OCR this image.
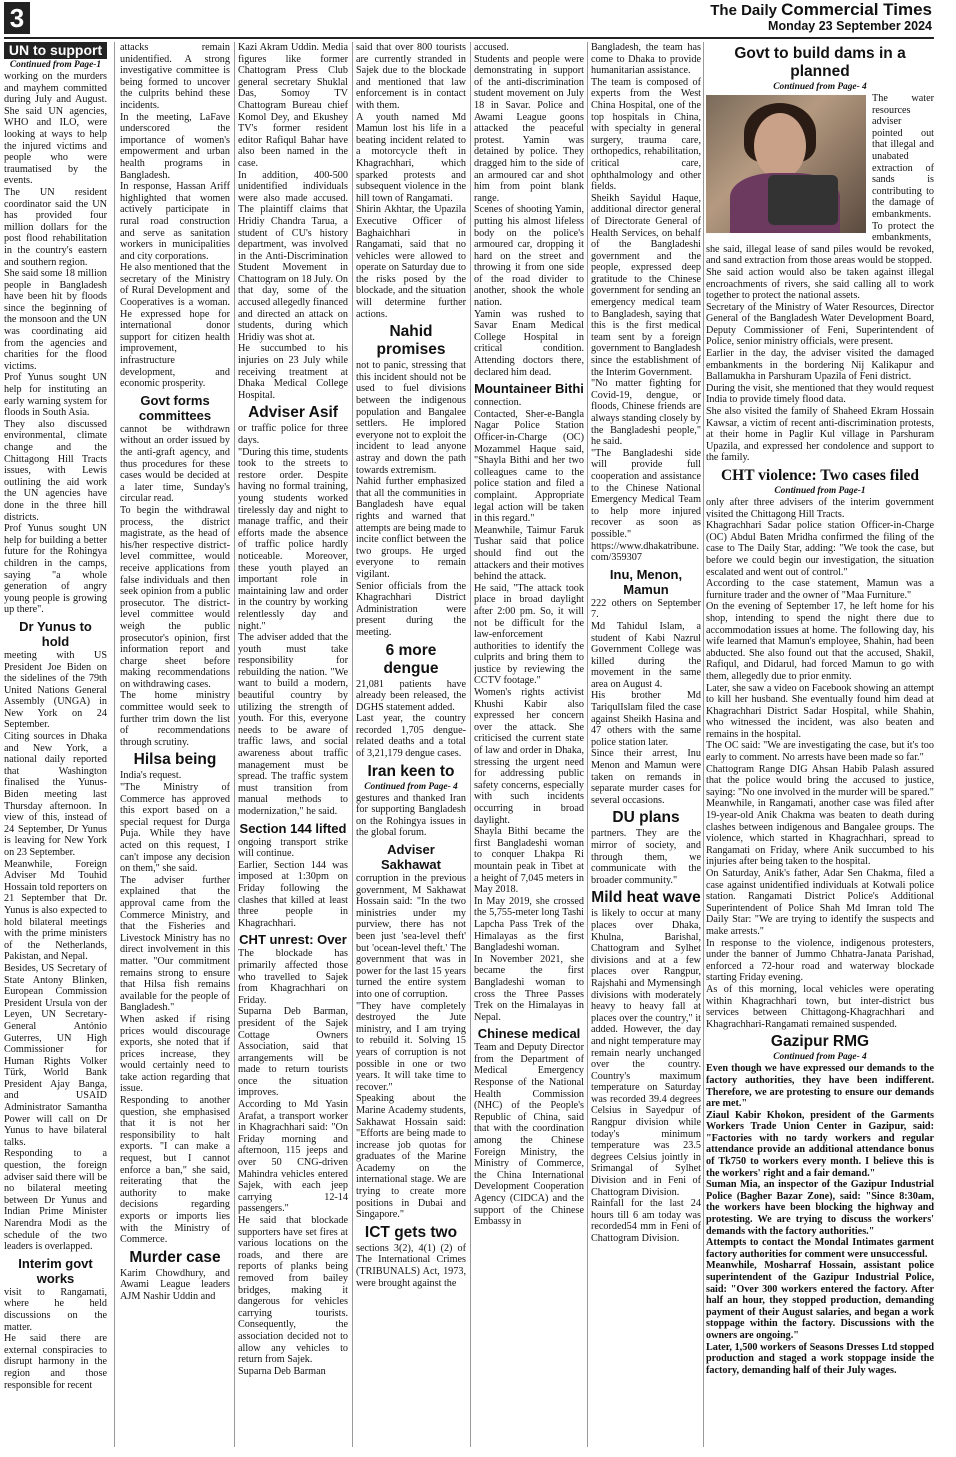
3	The Daily Commercial Times
Monday 23 September 2024
UN to support
Continued from Page-1

working on the murders and mayhem committed during July and August. She said UN agencies, WHO and ILO, were looking at ways to help the injured victims and people who were traumatised by the events.

The UN resident coordinator said the UN has provided four million dollars for the post flood rehabilitation in the country's eastern and southern region.

She said some 18 million people in Bangladesh have been hit by floods since the beginning of the monsoon and the UN was coordinating aid from the agencies and charities for the flood victims.

Prof Yunus sought UN help for instituting an early warning system for floods in South Asia.

They also discussed environmental, climate change and the Chittagong Hill Tracts issues, with Lewis outlining the aid work the UN agencies have done in the three hill districts.

Prof Yunus sought UN help for building a better future for the Rohingya children in the camps, saying "a whole generation of angry young people is growing up there".

Dr Yunus to hold

meeting with US President Joe Biden on the sidelines of the 79th United Nations General Assembly (UNGA) in New York on 24 September.

Citing sources in Dhaka and New York, a national daily reported that Washington finalised the Yunus-Biden meeting last Thursday afternoon. In view of this, instead of 24 September, Dr Yunus is leaving for New York on 23 September.

Meanwhile, Foreign Adviser Md Touhid Hossain told reporters on 21 September that Dr. Yunus is also expected to hold bilateral meetings with the prime ministers of the Netherlands, Pakistan, and Nepal.

Besides, US Secretary of State Antony Blinken, European Commission President Ursula von der Leyen, UN Secretary-General António Guterres, UN High Commissioner for Human Rights Volker Türk, World Bank President Ajay Banga, and USAID Administrator Samantha Power will call on Dr Yunus to have bilateral talks.

Responding to a question, the foreign adviser said there will be no bilateral meeting between Dr Yunus and Indian Prime Minister Narendra Modi as the schedule of the two leaders is overlapped.

Interim govt works

visit to Rangamati, where he held discussions on the matter.

He said there are external conspiracies to disrupt harmony in the region and those responsible for recent

attacks remain unidentified. A strong investigative committee is being formed to uncover the culprits behind these incidents.

In the meeting, LaFave underscored the importance of women's empowerment and urban health programs in Bangladesh.

In response, Hassan Ariff highlighted that women actively participate in rural road construction and serve as sanitation workers in municipalities and city corporations.

He also mentioned that the secretary of the Ministry of Rural Development and Cooperatives is a woman. He expressed hope for international donor support for citizen health improvement, infrastructure development, and economic prosperity.

Govt forms committees

cannot be withdrawn without an order issued by the anti-graft agency, and thus procedures for these cases would be decided at a later time, Sunday's circular read.

To begin the withdrawal process, the district magistrate, as the head of his/her respective district-level committee, would receive applications from false individuals and then seek opinion from a public prosecutor. The district-level committee would weigh the public prosecutor's opinion, first information report and charge sheet before making recommendations on withdrawing cases.

The home ministry committee would seek to further trim down the list of recommendations through scrutiny.

Hilsa being

India's request.

"The Ministry of Commerce has approved this export based on a special request for Durga Puja. While they have acted on this request, I can't impose any decision on them," she said.

The adviser further explained that the approval came from the Commerce Ministry, and that the Fisheries and Livestock Ministry has no direct involvement in this matter. "Our commitment remains strong to ensure that Hilsa fish remains available for the people of Bangladesh."

When asked if rising prices would discourage exports, she noted that if prices increase, they would certainly need to take action regarding that issue.

Responding to another question, she emphasised that it is not her responsibility to halt exports. "I can make a request, but I cannot enforce a ban," she said, reiterating that the authority to make decisions regarding exports or imports lies with the Ministry of Commerce.

Murder case

Karim Chowdhury, and Awami League leaders AJM Nashir Uddin and

Kazi Akram Uddin. Media figures like former Chattogram Press Club general secretary Shuklal Das, Somoy TV Chattogram Bureau chief Komol Dey, and Ekushey TV's former resident editor Rafiqul Bahar have also been named in the case.

In addition, 400-500 unidentified individuals were also made accused. The plaintiff claims that Hridiy Chandra Tarua, a student of CU's history department, was involved in the Anti-Discrimination Student Movement in Chattogram on 18 July. On that day, some of the accused allegedly financed and directed an attack on students, during which Hridiy was shot at.

He succumbed to his injuries on 23 July while receiving treatment at Dhaka Medical College Hospital.

Adviser Asif

or traffic police for three days.

"During this time, students took to the streets to restore order. Despite having no formal training, young students worked tirelessly day and night to manage traffic, and their efforts made the absence of traffic police hardly noticeable. Moreover, these youth played an important role in maintaining law and order in the country by working relentlessly day and night."

The adviser added that the youth must take responsibility for rebuilding the nation. "We want to build a modern, beautiful country by utilizing the strength of youth. For this, everyone needs to be aware of traffic laws, and social awareness about traffic management must be spread. The traffic system must transition from manual methods to modernization," he said.

Section 144 lifted

ongoing transport strike will continue.

Earlier, Section 144 was imposed at 1:30pm on Friday following the clashes that killed at least three people in Khagrachhari.

CHT unrest: Over

The blockade has primarily affected those who travelled to Sajek from Khagrachhari on Friday.

Suparna Deb Barman, president of the Sajek Cottage Owners Association, said that arrangements will be made to return tourists once the situation improves.

According to Md Yasin Arafat, a transport worker in Khagrachhari said: "On Friday morning and afternoon, 115 jeeps and over 50 CNG-driven Mahindra vehicles entered Sajek, with each jeep carrying 12-14 passengers."

He said that blockade supporters have set fires at various locations on the roads, and there are reports of planks being removed from bailey bridges, making it dangerous for vehicles carrying tourists. Consequently, the association decided not to allow any vehicles to return from Sajek.

Suparna Deb Barman

said that over 800 tourists are currently stranded in Sajek due to the blockade and mentioned that law enforcement is in contact with them.

A youth named Md Mamun lost his life in a beating incident related to a motorcycle theft in Khagrachhari, which sparked protests and subsequent violence in the hill town of Rangamati.

Shirin Akhtar, the Upazila Executive Officer of Baghaichhari in Rangamati, said that no vehicles were allowed to operate on Saturday due to the risks posed by the blockade, and the situation will determine further actions.

Nahid promises

not to panic, stressing that this incident should not be used to fuel divisions between the indigenous population and Bangalee settlers. He implored everyone not to exploit the incident to lead anyone astray and down the path towards extremism.

Nahid further emphasized that all the communities in Bangladesh have equal rights and warned that attempts are being made to incite conflict between the two groups. He urged everyone to remain vigilant.

Senior officials from the Khagrachhari District Administration were present during the meeting.

6 more dengue

21,081 patients have already been released, the DGHS statement added.

Last year, the country recorded 1,705 dengue-related deaths and a total of 3,21,179 dengue cases.

Iran keen to
Continued from Page- 4

gestures and thanked Iran for supporting Bangladesh on the Rohingya issues in the global forum.

Adviser Sakhawat

corruption in the previous government, M Sakhawat Hossain said: "In the two ministries under my purview, there has not been just 'sea-level theft' but 'ocean-level theft.' The government that was in power for the last 15 years turned the entire system into one of corruption.

"They have completely destroyed the Jute ministry, and I am trying to rebuild it. Solving 15 years of corruption is not possible in one or two years. It will take time to recover."

Speaking about the Marine Academy students, Sakhawat Hossain said: "Efforts are being made to increase job quotas for graduates of the Marine Academy on the international stage. We are trying to create more positions in Dubai and Singapore."

ICT gets two

sections 3(2), 4(1) (2) of The International Crimes (TRIBUNALS) Act, 1973, were brought against the

accused.

Students and people were demonstrating in support of the anti-discrimination student movement on July 18 in Savar. Police and Awami League goons attacked the peaceful protest. Yamin was detained by police. They dragged him to the side of an armoured car and shot him from point blank range.

Scenes of shooting Yamin, putting his almost lifeless body on the police's armoured car, dropping it hard on the street and throwing it from one side of the road divider to another, shook the whole nation.

Yamin was rushed to Savar Enam Medical College Hospital in critical condition. Attending doctors there, declared him dead.

Mountaineer Bithi

connection.

Contacted, Sher-e-Bangla Nagar Police Station Officer-in-Charge (OC) Mozammel Haque said, "Shayla Bithi and her two colleagues came to the police station and filed a complaint. Appropriate legal action will be taken in this regard."

Meanwhile, Taimur Faruk Tushar said that police should find out the attackers and their motives behind the attack.

He said, "The attack took place in broad daylight after 2:00 pm. So, it will not be difficult for the law-enforcement authorities to identify the culprits and bring them to justice by reviewing the CCTV footage."

Women's rights activist Khushi Kabir also expressed her concern over the attack. She criticised the current state of law and order in Dhaka, stressing the urgent need for addressing public safety concerns, especially with such incidents occurring in broad daylight.

Shayla Bithi became the first Bangladeshi woman to conquer Lhakpa Ri mountain peak in Tibet at a height of 7,045 meters in May 2018.

In May 2019, she crossed the 5,755-meter long Tashi Lapcha Pass Trek of the Himalayas as the first Bangladeshi woman.

In November 2021, she became the first Bangladeshi woman to cross the Three Passes Trek on the Himalayas in Nepal.

Chinese medical

Team and Deputy Director from the Department of Medical Emergency Response of the National Health Commission (NHC) of the People's Republic of China, said that with the coordination among the Chinese Foreign Ministry, the Ministry of Commerce, the China International Development Cooperation Agency (CIDCA) and the support of the Chinese Embassy in

Bangladesh, the team has come to Dhaka to provide humanitarian assistance.

The team is composed of experts from the West China Hospital, one of the top hospitals in China, with specialty in general surgery, trauma care, orthopedics, rehabilitation, critical care, ophthalmology and other fields.

Sheikh Sayidul Haque, additional director general of Directorate General of Health Services, on behalf of the Bangladeshi government and the people, expressed deep gratitude to the Chinese government for sending an emergency medical team to Bangladesh, saying that this is the first medical team sent by a foreign government to Bangladesh since the establishment of the Interim Government.

"No matter fighting for Covid-19, dengue, or floods, Chinese friends are always standing closely by the Bangladeshi people," he said.

"The Bangladeshi side will provide full cooperation and assistance to the Chinese National Emergency Medical Team to help more injured recover as soon as possible."

https://www.dhakatribune.com/359307

Inu, Menon, Mamun

222 others on September 7.

Md Tahidul Islam, a student of Kabi Nazrul Government College was killed during the movement in the same area on August 4.

His brother Md TariqulIslam filed the case against Sheikh Hasina and 47 others with the same police station later.

Since their arrest, Inu Menon and Mamun were taken on remands in separate murder cases for several occasions.

DU plans

partners. They are the mirror of society, and through them, we communicate with the broader community."

Mild heat wave

is likely to occur at many places over Dhaka, Khulna, Barishal, Chattogram and Sylhet divisions and at a few places over Rangpur, Rajshahi and Mymensingh divisions with moderately heavy to heavy fall at places over the country," it added. However, the day and night temperature may remain nearly unchanged over the country. Country's maximum temperature on Saturday was recorded 39.4 degrees Celsius in Sayedpur of Rangpur division while today's minimum temperature was 23.5 degrees Celsius jointly in Srimangal of Sylhet Division and in Feni of Chattogram Division.

Rainfall for the last 24 hours till 6 am today was recorded54 mm in Feni of Chattogram Division.

Govt to build dams in a planned
Continued from Page- 4

The water resources adviser pointed out that illegal and unabated extraction of sands is contributing to the damage of embankments. To protect the embankments, she said, illegal lease of sand piles would be revoked, and sand extraction from those areas would be stopped.

She said action would also be taken against illegal encroachments of rivers, she said calling all to work together to protect the national assets.

Secretary of the Ministry of Water Resources, Director General of the Bangladesh Water Development Board, Deputy Commissioner of Feni, Superintendent of Police, senior ministry officials, were present.

Earlier in the day, the adviser visited the damaged embankments in the bordering Nij Kalikapur and Ballamukha in Parshuram Upazila of Feni district.

During the visit, she mentioned that they would request India to provide timely flood data.

She also visited the family of Shaheed Ekram Hossain Kawsar, a victim of recent anti-discrimination protests, at their home in Paglir Kul village in Parshuram Upazila, and expressed her condolence and support to the family.

CHT violence: Two cases filed
Continued from Page-1

only after three advisers of the interim government visited the Chittagong Hill Tracts.

Khagrachhari Sadar police station Officer-in-Charge (OC) Abdul Baten Mridha confirmed the filing of the case to The Daily Star, adding: "We took the case, but before we could begin our investigation, the situation escalated and went out of control."

According to the case statement, Mamun was a furniture trader and the owner of "Maa Furniture."

On the evening of September 17, he left home for his shop, intending to spend the night there due to accommodation issues at home. The following day, his wife learned that Mamun's employee, Shahin, had been abducted. She also found out that the accused, Shakil, Rafiqul, and Didarul, had forced Mamun to go with them, allegedly due to prior enmity.

Later, she saw a video on Facebook showing an attempt to kill her husband. She eventually found him dead at Khagrachhari District Sadar Hospital, while Shahin, who witnessed the incident, was also beaten and remains in the hospital.

The OC said: "We are investigating the case, but it's too early to comment. No arrests have been made so far."

Chattogram Range DIG Ahsan Habib Palash assured that the police would bring the accused to justice, saying: "No one involved in the murder will be spared."

Meanwhile, in Rangamati, another case was filed after 19-year-old Anik Chakma was beaten to death during clashes between indigenous and Bangalee groups. The violence, which started in Khagrachhari, spread to Rangamati on Friday, where Anik succumbed to his injuries after being taken to the hospital.

On Saturday, Anik's father, Adar Sen Chakma, filed a case against unidentified individuals at Kotwali police station. Rangamati District Police's Additional Superintendent of Police Shah Md Imran told The Daily Star: "We are trying to identify the suspects and make arrests."

In response to the violence, indigenous protesters, under the banner of Jummo Chhatra-Janata Parishad, enforced a 72-hour road and waterway blockade starting Friday evening.

As of this morning, local vehicles were operating within Khagrachhari town, but inter-district bus services between Chittagong-Khagrachhari and Khagrachhari-Rangamati remained suspended.

Gazipur RMG
Continued from Page- 4

Even though we have expressed our demands to the factory authorities, they have been indifferent. Therefore, we are protesting to ensure our demands are met."

Ziaul Kabir Khokon, president of the Garments Workers Trade Union Center in Gazipur, said: "Factories with no tardy workers and regular attendance provide an additional attendance bonus of Tk750 to workers every month. I believe this is the workers' right and a fair demand."

Suman Mia, an inspector of the Gazipur Industrial Police (Bagher Bazar Zone), said: "Since 8:30am, the workers have been blocking the highway and protesting. We are trying to discuss the workers' demands with the factory authorities."

Attempts to contact the Mondal Intimates garment factory authorities for comment were unsuccessful.

Meanwhile, Mosharraf Hossain, assistant police superintendent of the Gazipur Industrial Police, said: "Over 300 workers entered the factory. After half an hour, they stopped production, demanding payment of their August salaries, and began a work stoppage within the factory. Discussions with the owners are ongoing."

Later, 1,500 workers of Seasons Dresses Ltd stopped production and staged a work stoppage inside the factory, demanding half of their July wages.
